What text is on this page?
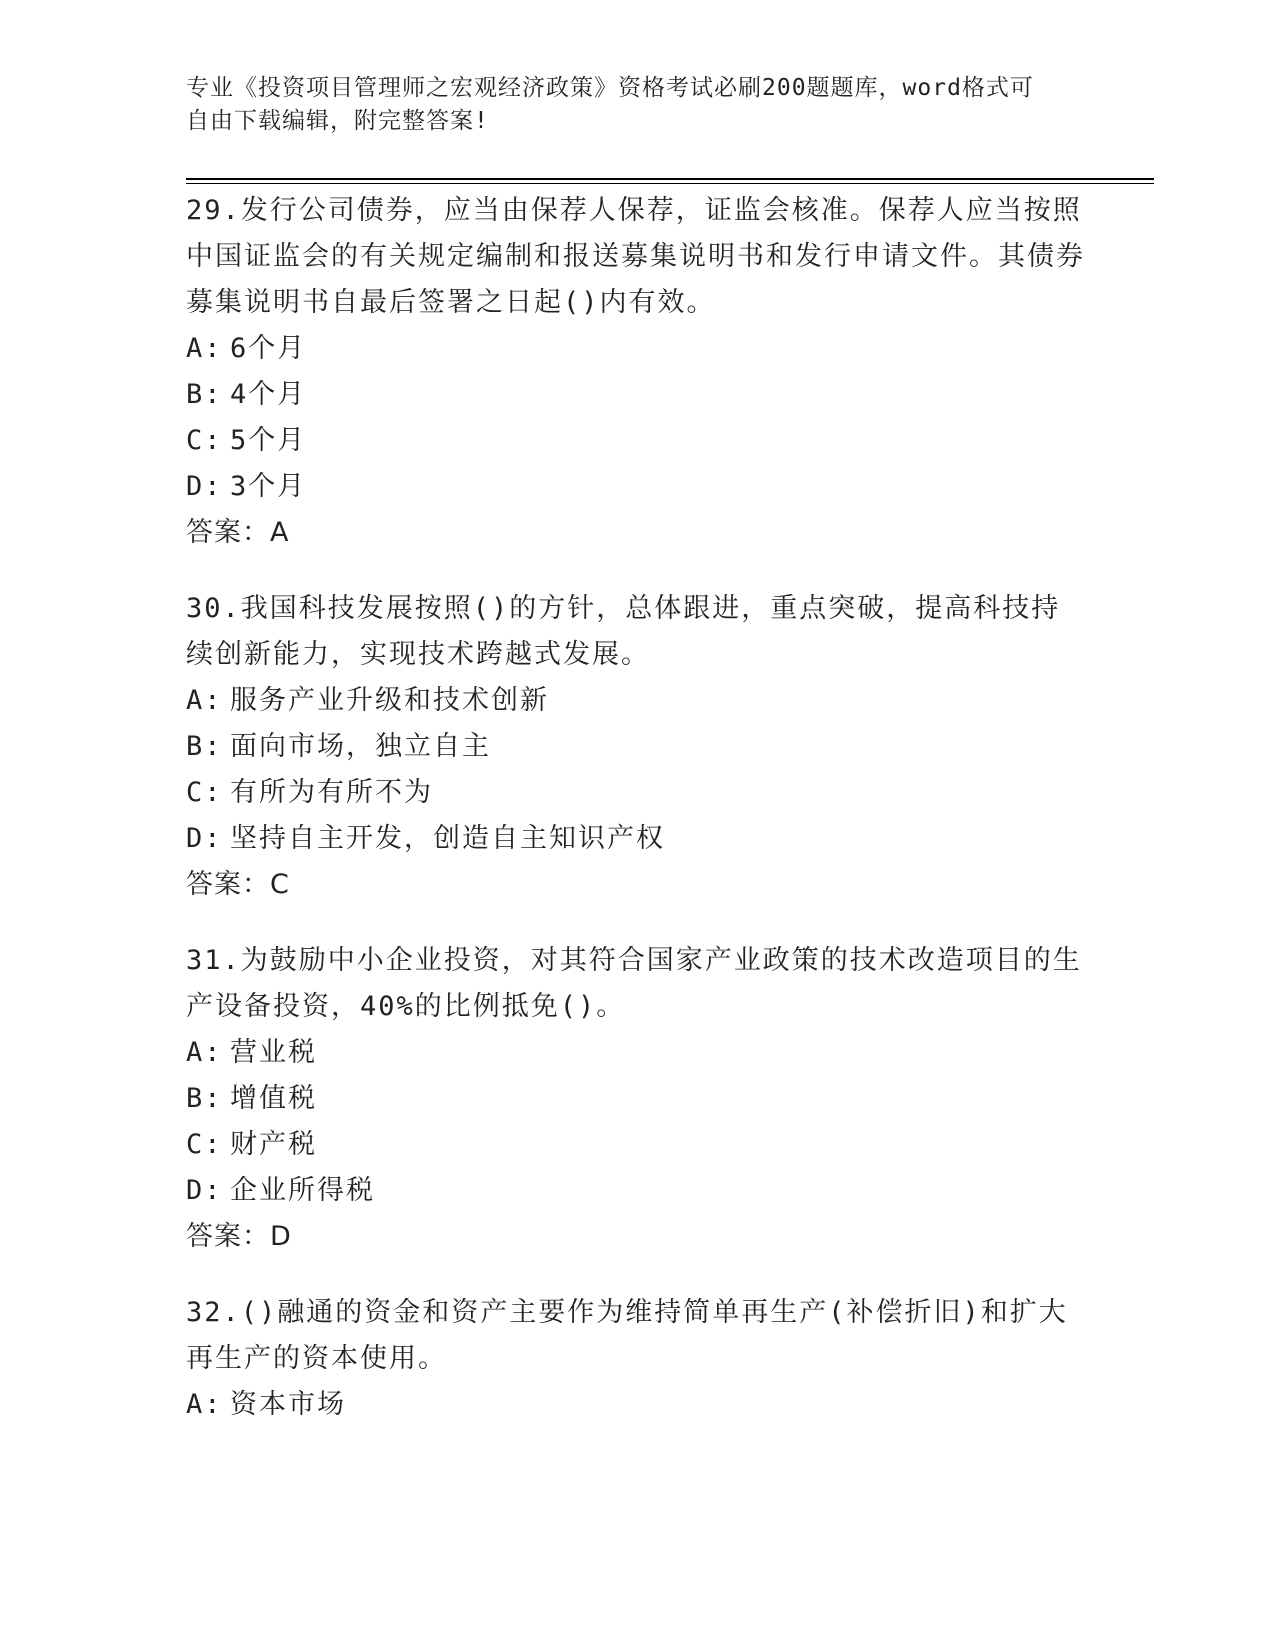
专业《投资项目管理师之宏观经济政策》资格考试必刷200题题库，word格式可
自由下载编辑，附完整答案!

29.发行公司债券，应当由保荐人保荐，证监会核准。保荐人应当按照中国证监会的有关规定编制和报送募集说明书和发行申请文件。其债券募集说明书自最后签署之日起()内有效。

A: 6个月

B: 4个月

C: 5个月

D: 3个月

答案：A

30.我国科技发展按照()的方针，总体跟进，重点突破，提高科技持续创新能力，实现技术跨越式发展。

A: 服务产业升级和技术创新

B: 面向市场，独立自主

C: 有所为有所不为

D: 坚持自主开发，创造自主知识产权

答案：C

31.为鼓励中小企业投资，对其符合国家产业政策的技术改造项目的生产设备投资，40%的比例抵免()。

A: 营业税

B: 增值税

C: 财产税

D: 企业所得税

答案：D

32.()融通的资金和资产主要作为维持简单再生产(补偿折旧)和扩大再生产的资本使用。

A: 资本市场
